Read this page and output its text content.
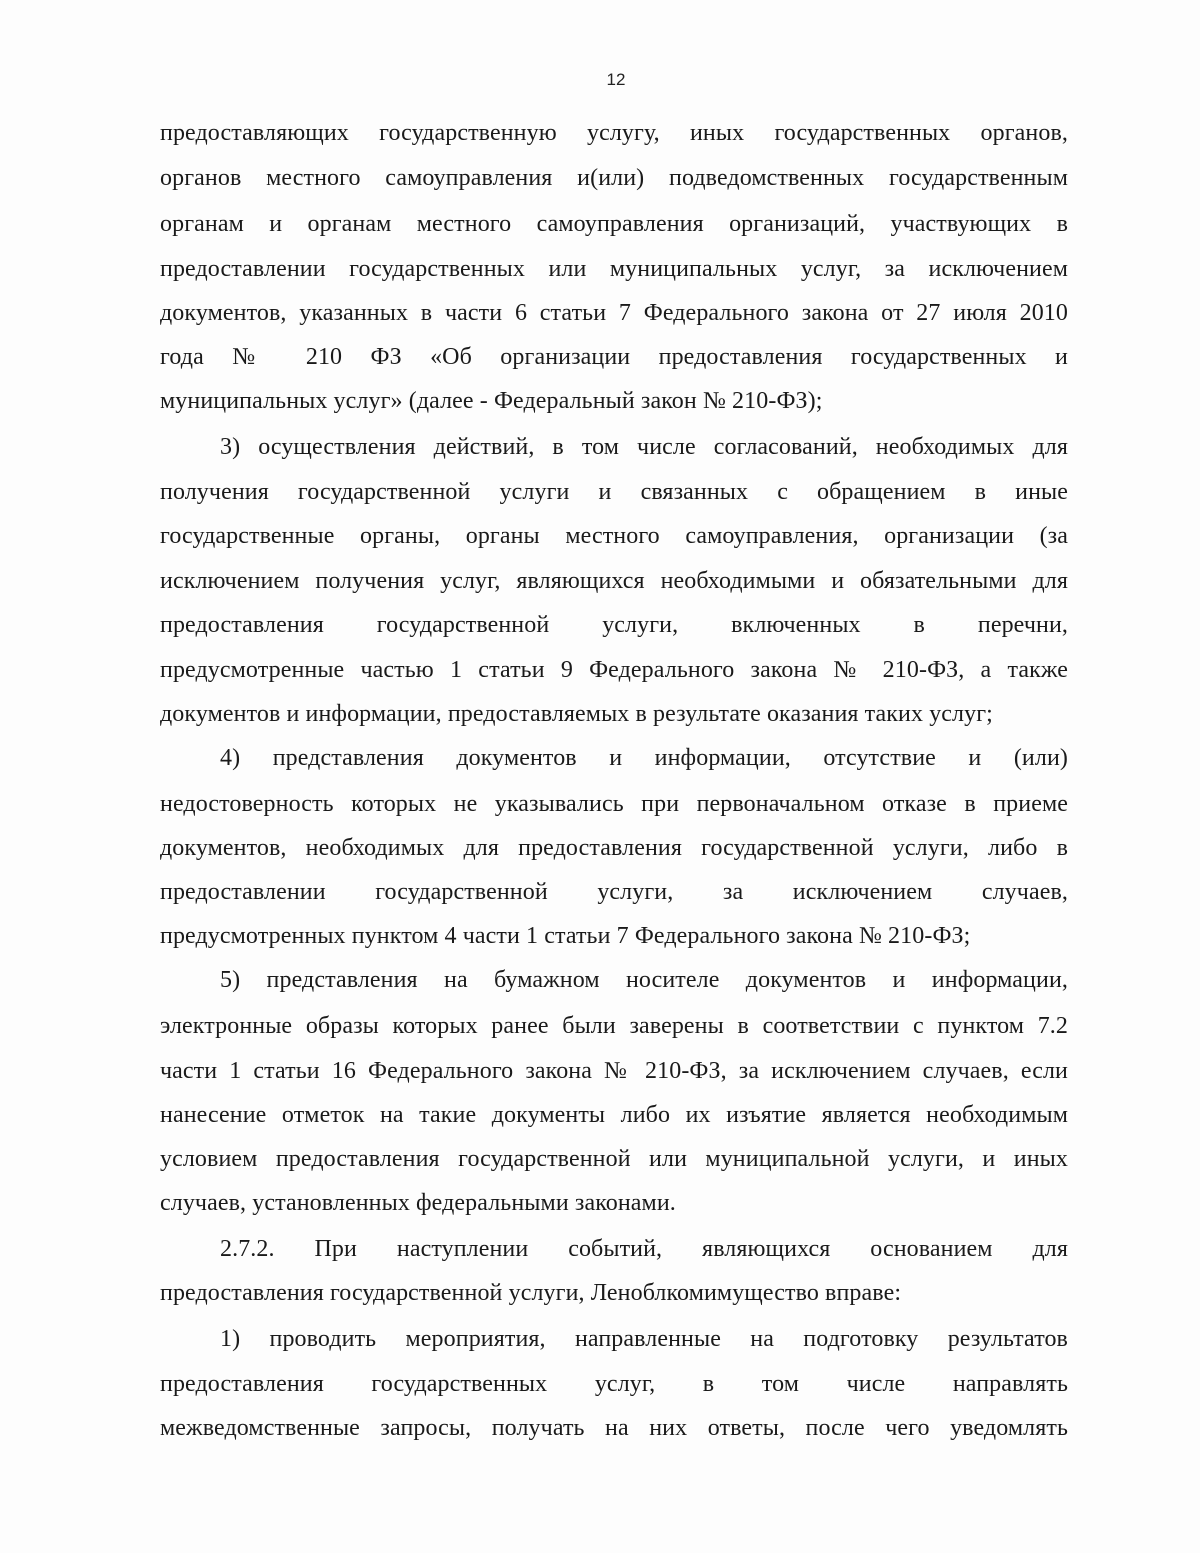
12
предоставляющих государственную услугу, иных государственных органов,
органов местного самоуправления и(или) подведомственных государственным
органам и органам местного самоуправления организаций, участвующих в
предоставлении государственных или муниципальных услуг, за исключением
документов, указанных в части 6 статьи 7 Федерального закона от 27 июля 2010
года № 210 ФЗ «Об организации предоставления государственных и
муниципальных услуг» (далее - Федеральный закон № 210-ФЗ);
3) осуществления действий, в том числе согласований, необходимых для
получения государственной услуги и связанных с обращением в иные
государственные органы, органы местного самоуправления, организации (за
исключением получения услуг, являющихся необходимыми и обязательными для
предоставления государственной услуги, включенных в перечни,
предусмотренные частью 1 статьи 9 Федерального закона № 210-ФЗ, а также
документов и информации, предоставляемых в результате оказания таких услуг;
4) представления документов и информации, отсутствие и (или)
недостоверность которых не указывались при первоначальном отказе в приеме
документов, необходимых для предоставления государственной услуги, либо в
предоставлении государственной услуги, за исключением случаев,
предусмотренных пунктом 4 части 1 статьи 7 Федерального закона № 210-ФЗ;
5) представления на бумажном носителе документов и информации,
электронные образы которых ранее были заверены в соответствии с пунктом 7.2
части 1 статьи 16 Федерального закона № 210-ФЗ, за исключением случаев, если
нанесение отметок на такие документы либо их изъятие является необходимым
условием предоставления государственной или муниципальной услуги, и иных
случаев, установленных федеральными законами.
2.7.2. При наступлении событий, являющихся основанием для
предоставления государственной услуги, Леноблкомимущество вправе:
1) проводить мероприятия, направленные на подготовку результатов
предоставления государственных услуг, в том числе направлять
межведомственные запросы, получать на них ответы, после чего уведомлять
